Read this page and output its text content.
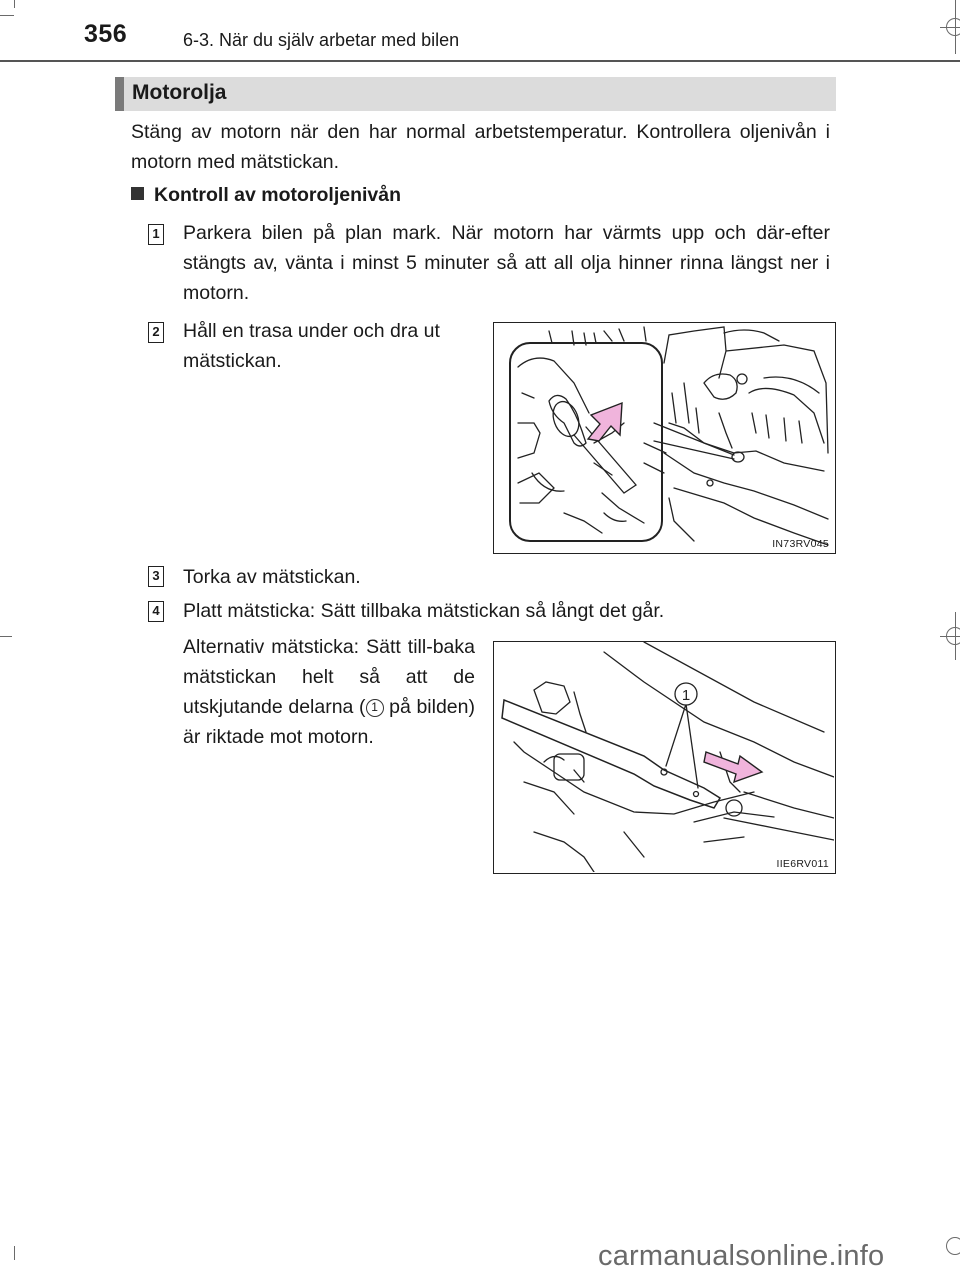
356	6-3. När du själv arbetar med bilen
Motorolja
Stäng av motorn när den har normal arbetstemperatur. Kontrollera oljenivån i motorn med mätstickan.
Kontroll av motoroljenivån
1 Parkera bilen på plan mark. När motorn har värmts upp och där-efter stängts av, vänta i minst 5 minuter så att all olja hinner rinna längst ner i motorn.
2 Håll en trasa under och dra ut mätstickan.
3 Torka av mätstickan.
4 Platt mätsticka: Sätt tillbaka mätstickan så långt det går.
Alternativ mätsticka: Sätt till-baka mätstickan helt så att de utskjutande delarna ( 1 på bilden) är riktade mot motorn.
IN73RV045
1
IIE6RV011
carmanualsonline.info
